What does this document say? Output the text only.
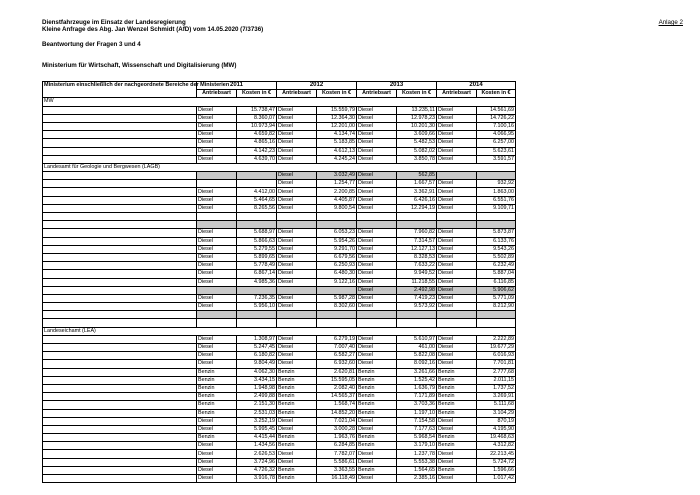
Dienstfahrzeuge im Einsatz der Landesregierung
Kleine Anfrage des Abg. Jan Wenzel Schmidt (AfD) vom 14.05.2020 (7/3736)
Beantwortung der Fragen 3 und 4
Ministerium für Wirtschaft, Wissenschaft und Digitalisierung (MW)
Anlage 2
Ministerium einschließlich der nachgeordnete Bereiche der Ministerien	2011		2012		2013		2014	
	Antriebsart	Kosten in €	Antriebsart	Kosten in €	Antriebsart	Kosten in €	Antriebsart	Kosten in €
MW								
	Diesel	15.738,47	Diesel	15.559,79	Diesel	13.235,11	Diesel	14.561,69
	Diesel	8.360,07	Diesel	12.364,30	Diesel	12.978,23	Diesel	14.726,22
	Diesel	10.973,94	Diesel	12.201,00	Diesel	10.201,30	Diesel	7.100,16
	Diesel	4.659,82	Diesel	4.134,74	Diesel	3.609,66	Diesel	4.066,95
	Diesel	4.865,16	Diesel	5.183,85	Diesel	5.482,53	Diesel	6.257,00
	Diesel	4.142,23	Diesel	4.612,13	Diesel	5.082,02	Diesel	5.623,61
	Diesel	4.639,70	Diesel	4.245,24	Diesel	3.850,78	Diesel	3.591,57
Landesamt für Geologie und Bergwesen (LAGB)								
			Diesel	3.032,49	Diesel	562,85		
			Diesel	1.254,77	Diesel	1.667,57	Diesel	932,92
	Diesel	4.412,00	Diesel	2.200,85	Diesel	3.362,91	Diesel	1.863,00
	Diesel	5.464,65	Diesel	4.405,87	Diesel	6.426,16	Diesel	6.551,76
	Diesel	8.265,56	Diesel	9.800,54	Diesel	12.294,19	Diesel	9.109,71

	Diesel	5.688,97	Diesel	6.053,23	Diesel	7.960,82	Diesel	5.873,87
	Diesel	5.866,63	Diesel	5.954,26	Diesel	7.314,57	Diesel	6.133,76
	Diesel	5.279,55	Diesel	9.291,70	Diesel	12.127,13	Diesel	9.543,26
	Diesel	5.899,65	Diesel	6.679,56	Diesel	8.328,53	Diesel	5.502,89
	Diesel	5.778,49	Diesel	6.250,93	Diesel	7.633,22	Diesel	6.232,49
	Diesel	6.867,14	Diesel	6.480,30	Diesel	9.949,52	Diesel	5.887,04
	Diesel	4.985,36	Diesel	9.122,16	Diesel	11.218,55	Diesel	6.116,85
					Diesel	2.492,98	Diesel	5.906,62
	Diesel	7.236,35	Diesel	5.987,28	Diesel	7.419,23	Diesel	5.771,09
	Diesel	5.956,10	Diesel	8.302,60	Diesel	9.573,92	Diesel	8.212,90

Landeseichamt (LEA)								
	Diesel	1.308,97	Diesel	6.279,19	Diesel	5.610,97	Diesel	2.222,89
	Diesel	5.247,45	Diesel	7.007,40	Diesel	461,00	Diesel	19.677,29
	Diesel	6.180,82	Diesel	6.582,27	Diesel	5.822,08	Diesel	6.016,93
	Diesel	9.804,49	Diesel	6.932,60	Diesel	8.092,16	Diesel	7.701,81
	Benzin	4.062,30	Benzin	2.620,81	Benzin	3.261,66	Benzin	2.777,68
	Benzin	3.434,15	Benzin	15.595,05	Benzin	1.525,42	Benzin	2.011,15
	Benzin	1.948,98	Benzin	2.082,40	Benzin	1.636,79	Benzin	1.737,52
	Benzin	2.499,88	Benzin	14.565,37	Benzin	7.171,89	Benzin	3.269,91
	Benzin	2.151,30	Benzin	1.568,74	Benzin	3.703,36	Benzin	5.111,68
	Benzin	2.531,03	Benzin	14.852,20	Benzin	1.197,10	Benzin	3.104,29
	Diesel	3.252,19	Diesel	7.021,04	Diesel	7.154,58	Diesel	870,19
	Diesel	5.995,45	Diesel	3.000,28	Diesel	7.177,63	Diesel	4.195,90
	Benzin	4.415,44	Benzin	1.963,76	Benzin	5.968,54	Benzin	19.468,63
	Diesel	1.434,56	Benzin	6.284,85	Benzin	3.179,10	Benzin	4.312,82
	Diesel	2.626,53	Diesel	7.782,07	Diesel	1.237,78	Diesel	22.213,45
	Diesel	3.724,96	Diesel	5.586,61	Diesel	5.553,38	Diesel	5.724,72
	Diesel	4.726,32	Benzin	3.363,55	Benzin	1.564,65	Benzin	1.596,66
	Diesel	3.916,78	Benzin	16.118,49	Diesel	2.385,16	Diesel	1.017,42
